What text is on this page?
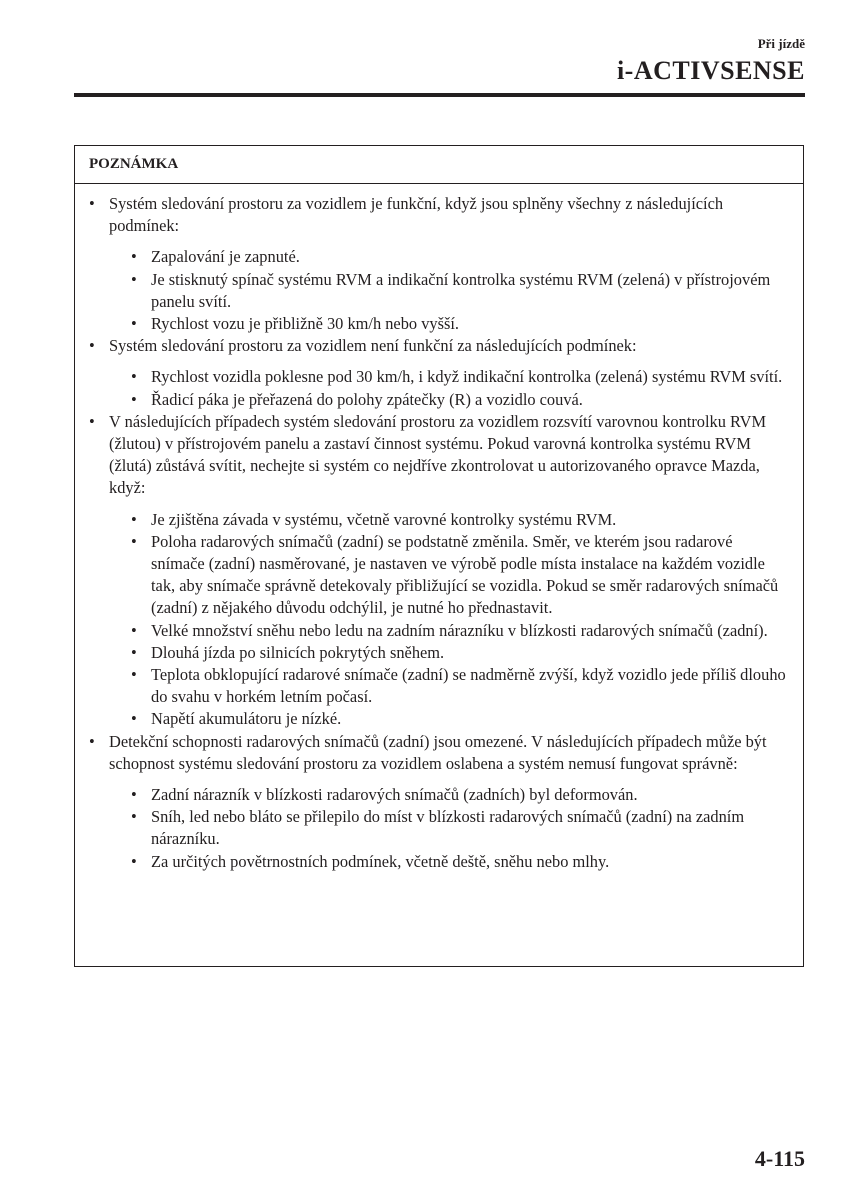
Při jízdě
i-ACTIVSENSE
POZNÁMKA
• Systém sledování prostoru za vozidlem je funkční, když jsou splněny všechny z následujících podmínek:
• Zapalování je zapnuté.
• Je stisknutý spínač systému RVM a indikační kontrolka systému RVM (zelená) v přístrojovém panelu svítí.
• Rychlost vozu je přibližně 30 km/h nebo vyšší.
• Systém sledování prostoru za vozidlem není funkční za následujících podmínek:
• Rychlost vozidla poklesne pod 30 km/h, i když indikační kontrolka (zelená) systému RVM svítí.
• Řadicí páka je přeřazená do polohy zpátečky (R) a vozidlo couvá.
• V následujících případech systém sledování prostoru za vozidlem rozsvítí varovnou kontrolku RVM (žlutou) v přístrojovém panelu a zastaví činnost systému. Pokud varovná kontrolka systému RVM (žlutá) zůstává svítit, nechejte si systém co nejdříve zkontrolovat u autorizovaného opravce Mazda, když:
• Je zjištěna závada v systému, včetně varovné kontrolky systému RVM.
• Poloha radarových snímačů (zadní) se podstatně změnila. Směr, ve kterém jsou radarové snímače (zadní) nasměrované, je nastaven ve výrobě podle místa instalace na každém vozidle tak, aby snímače správně detekovaly přibližující se vozidla. Pokud se směr radarových snímačů (zadní) z nějakého důvodu odchýlil, je nutné ho přednastavit.
• Velké množství sněhu nebo ledu na zadním nárazníku v blízkosti radarových snímačů (zadní).
• Dlouhá jízda po silnicích pokrytých sněhem.
• Teplota obklopující radarové snímače (zadní) se nadměrně zvýší, když vozidlo jede příliš dlouho do svahu v horkém letním počasí.
• Napětí akumulátoru je nízké.
• Detekční schopnosti radarových snímačů (zadní) jsou omezené. V následujících případech může být schopnost systému sledování prostoru za vozidlem oslabena a systém nemusí fungovat správně:
• Zadní nárazník v blízkosti radarových snímačů (zadních) byl deformován.
• Sníh, led nebo bláto se přilepilo do míst v blízkosti radarových snímačů (zadní) na zadním nárazníku.
• Za určitých povětrnostních podmínek, včetně deště, sněhu nebo mlhy.
4-115
